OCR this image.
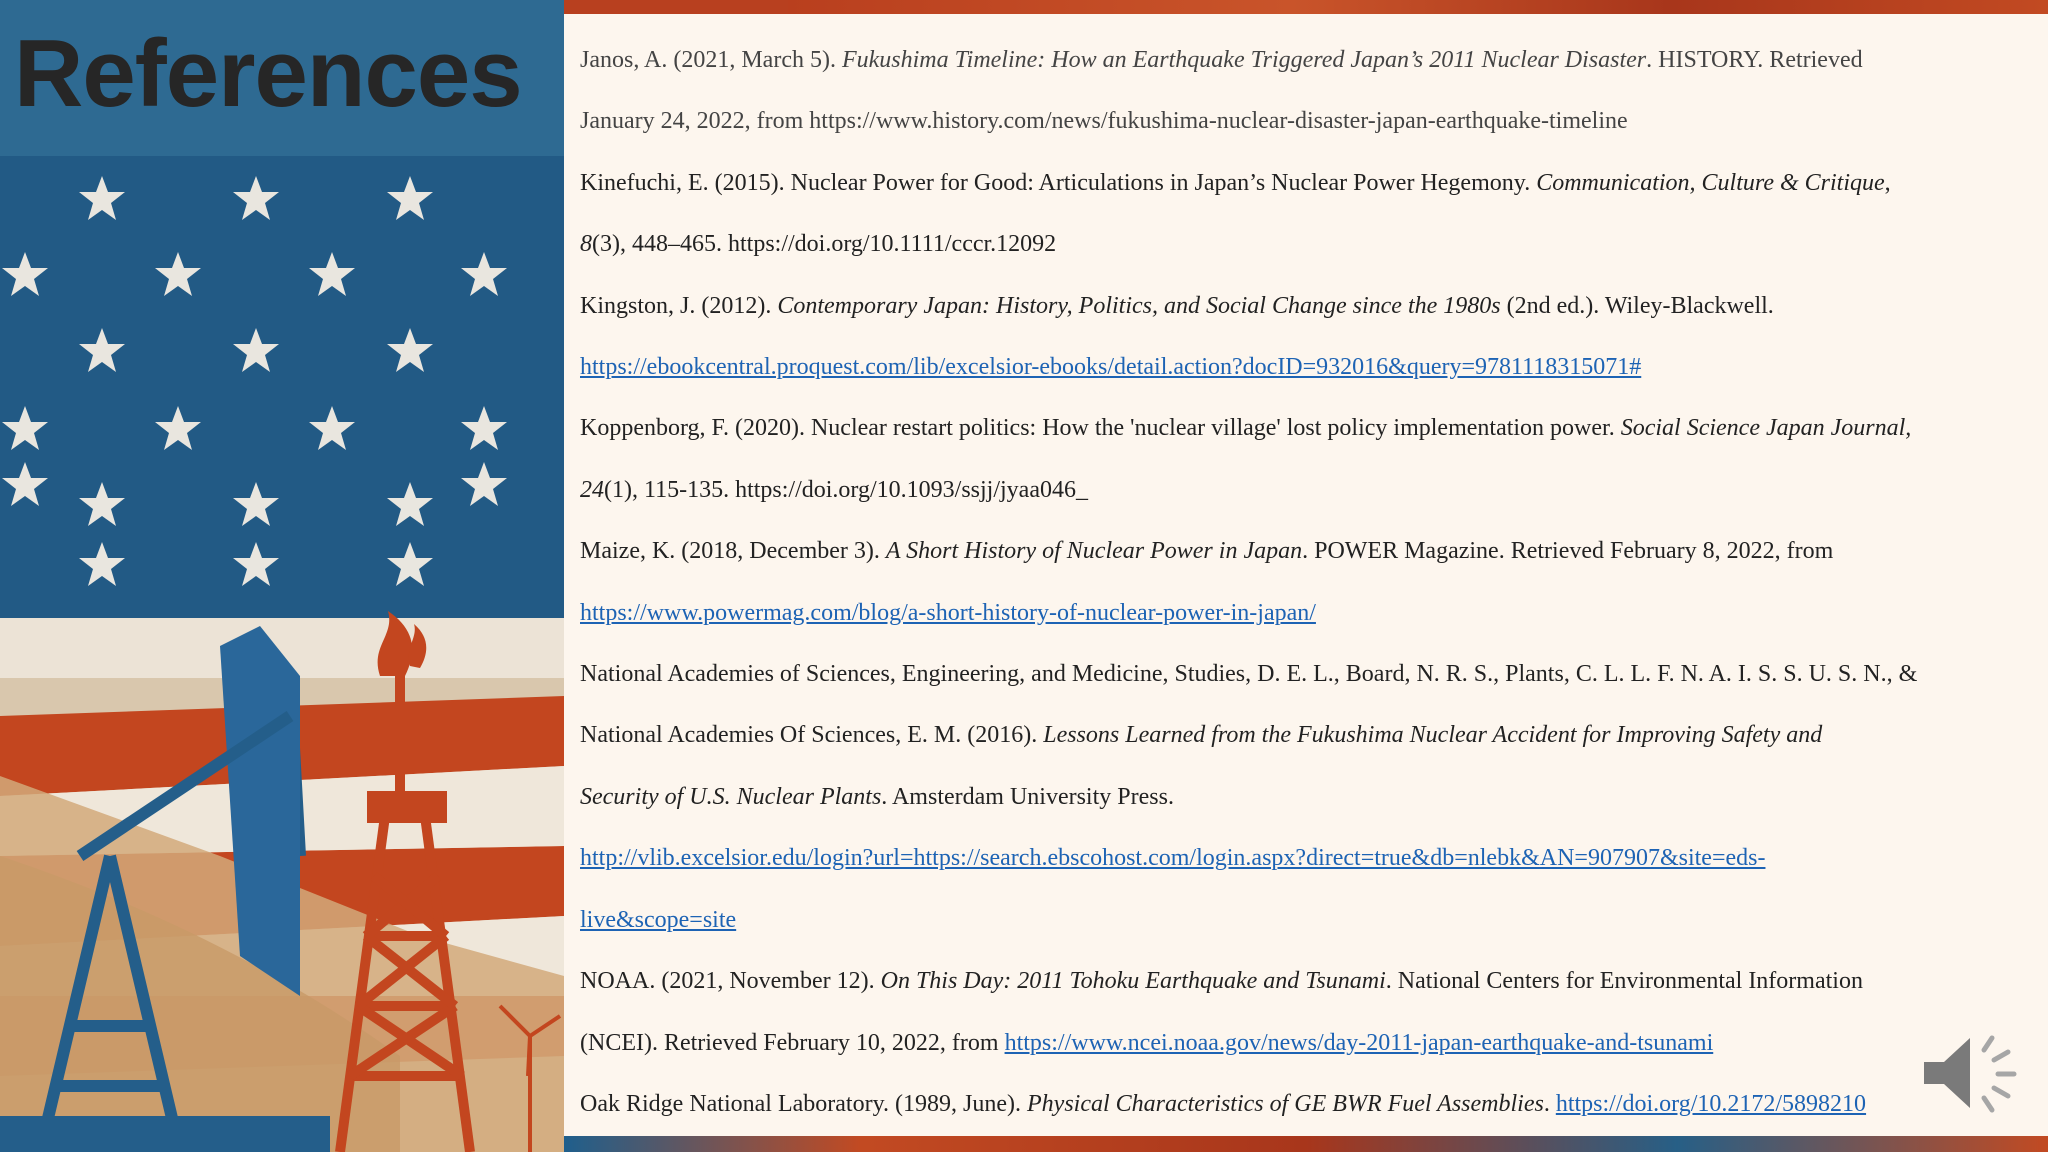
References Janos, A. (2021, March 5). Fukushima Timeline: How an Earthquake Triggered Japan’s 2011 Nuclear Disaster. HISTORY. Retrieved
January 24, 2022, from https://www.history.com/news/fukushima-nuclear-disaster-japan-earthquake-timeline

Kinefuchi, E. (2015). Nuclear Power for Good: Articulations in Japan’s Nuclear Power Hegemony. Communication, Culture & Critique,
8(3), 448–465. https://doi.org/10.1111/cccr.12092

Kingston, J. (2012). Contemporary Japan: History, Politics, and Social Change since the 1980s (2nd ed.). Wiley-Blackwell.
https://ebookcentral.proquest.com/lib/excelsior-ebooks/detail.action?docID=932016&query=9781118315071#

Koppenborg, F. (2020). Nuclear restart politics: How the 'nuclear village' lost policy implementation power. Social Science Japan Journal,
24(1), 115-135. https://doi.org/10.1093/ssjj/jyaa046_

Maize, K. (2018, December 3). A Short History of Nuclear Power in Japan. POWER Magazine. Retrieved February 8, 2022, from
https://www.powermag.com/blog/a-short-history-of-nuclear-power-in-japan/

National Academies of Sciences, Engineering, and Medicine, Studies, D. E. L., Board, N. R. S., Plants, C. L. L. F. N. A. I. S. S. U. S. N., &
National Academies Of Sciences, E. M. (2016). Lessons Learned from the Fukushima Nuclear Accident for Improving Safety and
Security of U.S. Nuclear Plants. Amsterdam University Press.
http://vlib.excelsior.edu/login?url=https://search.ebscohost.com/login.aspx?direct=true&db=nlebk&AN=907907&site=eds-
live&scope=site

NOAA. (2021, November 12). On This Day: 2011 Tohoku Earthquake and Tsunami. National Centers for Environmental Information
(NCEI). Retrieved February 10, 2022, from https://www.ncei.noaa.gov/news/day-2011-japan-earthquake-and-tsunami

Oak Ridge National Laboratory. (1989, June). Physical Characteristics of GE BWR Fuel Assemblies. https://doi.org/10.2172/5898210
